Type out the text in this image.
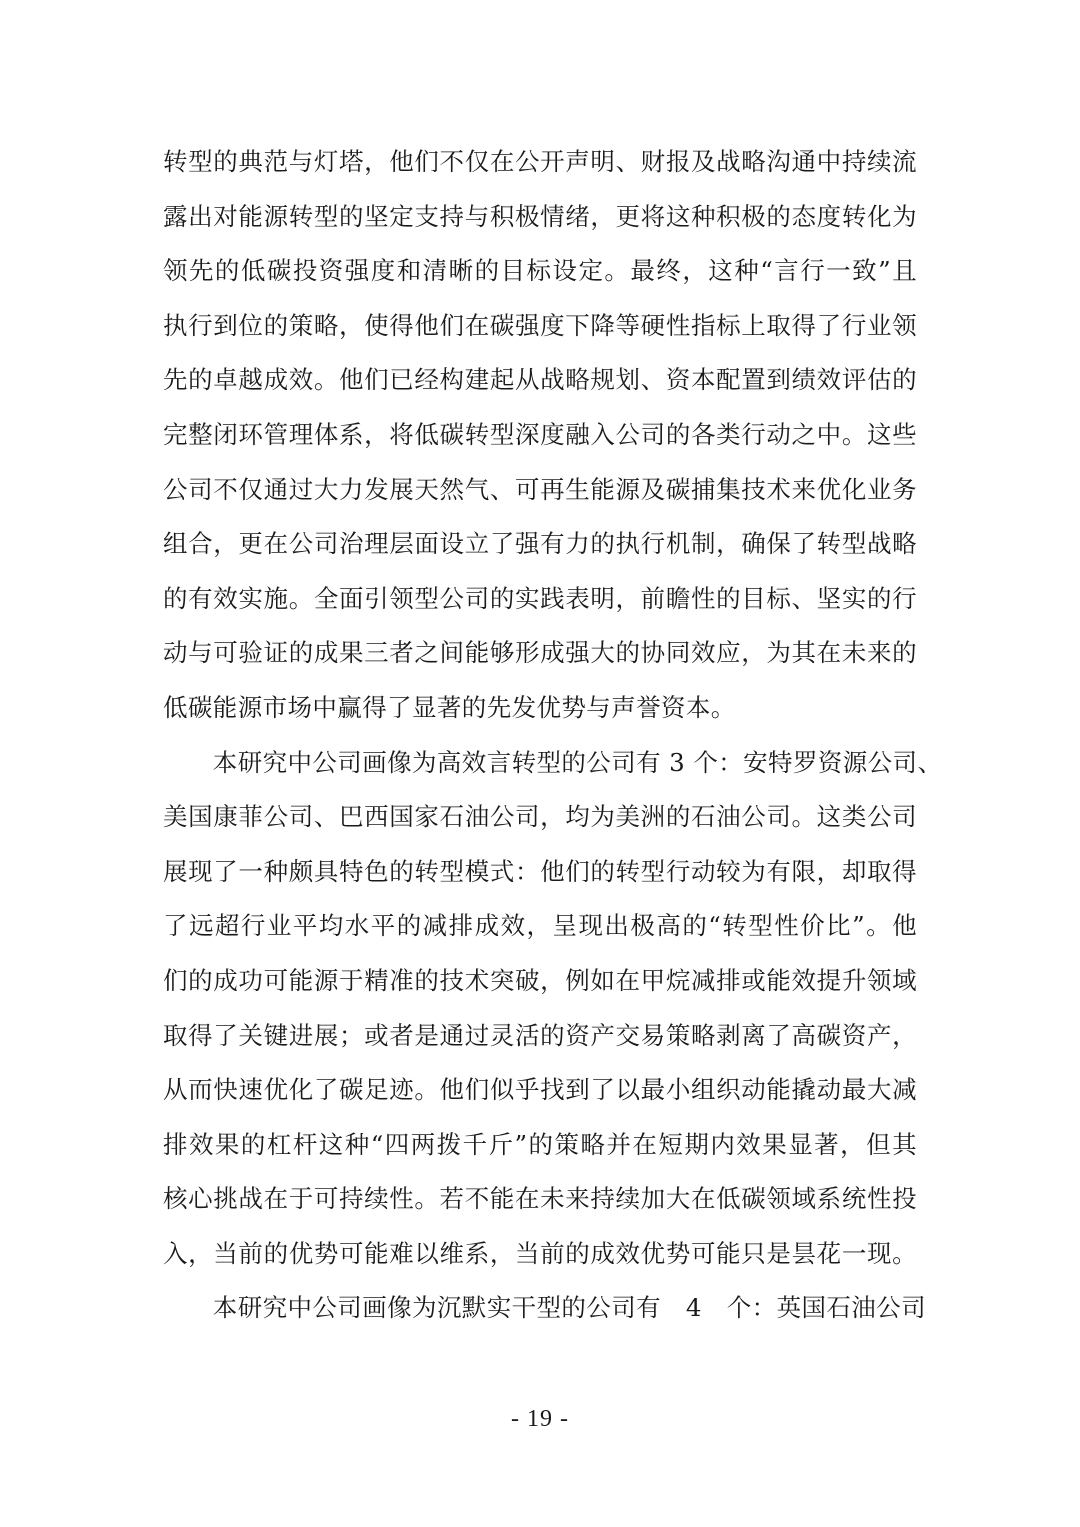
转型的典范与灯塔，他们不仅在公开声明、财报及战略沟通中持续流
露出对能源转型的坚定支持与积极情绪，更将这种积极的态度转化为
领先的低碳投资强度和清晰的目标设定。最终，这种“言行一致”且
执行到位的策略，使得他们在碳强度下降等硬性指标上取得了行业领
先的卓越成效。他们已经构建起从战略规划、资本配置到绩效评估的
完整闭环管理体系，将低碳转型深度融入公司的各类行动之中。这些
公司不仅通过大力发展天然气、可再生能源及碳捕集技术来优化业务
组合，更在公司治理层面设立了强有力的执行机制，确保了转型战略
的有效实施。全面引领型公司的实践表明，前瞻性的目标、坚实的行
动与可验证的成果三者之间能够形成强大的协同效应，为其在未来的
低碳能源市场中赢得了显著的先发优势与声誉资本。
　　本研究中公司画像为高效言转型的公司有 3 个：安特罗资源公司、
美国康菲公司、巴西国家石油公司，均为美洲的石油公司。这类公司
展现了一种颇具特色的转型模式：他们的转型行动较为有限，却取得
了远超行业平均水平的减排成效，呈现出极高的“转型性价比”。他
们的成功可能源于精准的技术突破，例如在甲烷减排或能效提升领域
取得了关键进展；或者是通过灵活的资产交易策略剥离了高碳资产，
从而快速优化了碳足迹。他们似乎找到了以最小组织动能撬动最大减
排效果的杠杆这种“四两拨千斤”的策略并在短期内效果显著，但其
核心挑战在于可持续性。若不能在未来持续加大在低碳领域系统性投
入，当前的优势可能难以维系，当前的成效优势可能只是昙花一现。
　　本研究中公司画像为沉默实干型的公司有　4　个：英国石油公司
- 19 -
